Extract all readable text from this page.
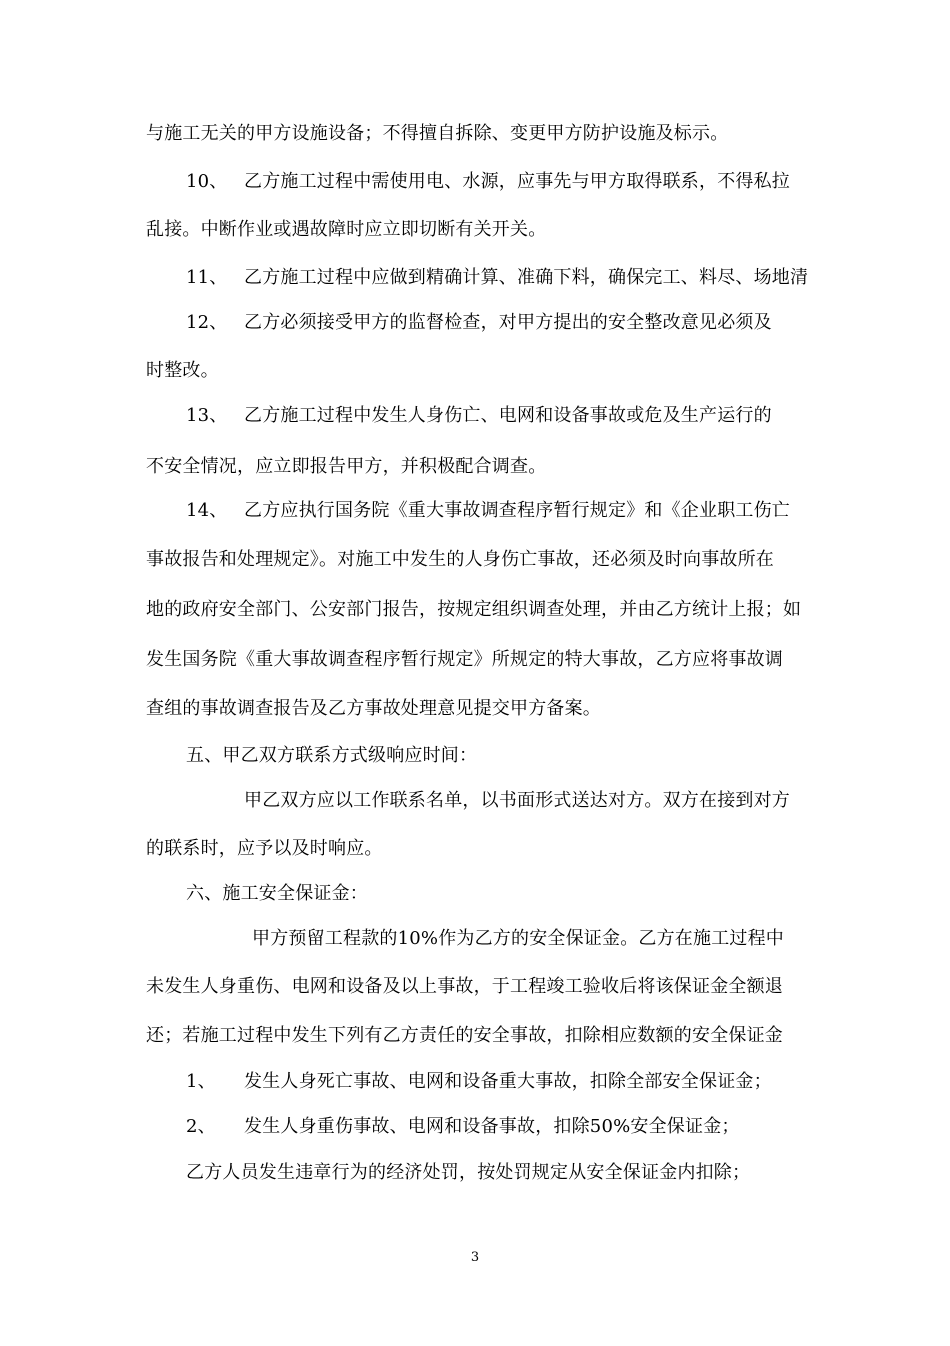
与施工无关的甲方设施设备；不得擅自拆除、变更甲方防护设施及标示。
10、 乙方施工过程中需使用电、水源，应事先与甲方取得联系，不得私拉
乱接。中断作业或遇故障时应立即切断有关开关。
11、 乙方施工过程中应做到精确计算、准确下料，确保完工、料尽、场地清
12、 乙方必须接受甲方的监督检查，对甲方提出的安全整改意见必须及
时整改。
13、 乙方施工过程中发生人身伤亡、电网和设备事故或危及生产运行的
不安全情况，应立即报告甲方，并积极配合调查。
14、 乙方应执行国务院《重大事故调查程序暂行规定》和《企业职工伤亡
事故报告和处理规定》。对施工中发生的人身伤亡事故，还必须及时向事故所在
地的政府安全部门、公安部门报告，按规定组织调查处理，并由乙方统计上报；如
发生国务院《重大事故调查程序暂行规定》所规定的特大事故，乙方应将事故调
查组的事故调查报告及乙方事故处理意见提交甲方备案。
五、甲乙双方联系方式级响应时间：
甲乙双方应以工作联系名单，以书面形式送达对方。双方在接到对方
的联系时，应予以及时响应。
六、施工安全保证金：
甲方预留工程款的10%作为乙方的安全保证金。乙方在施工过程中
未发生人身重伤、电网和设备及以上事故，于工程竣工验收后将该保证金全额退
还；若施工过程中发生下列有乙方责任的安全事故，扣除相应数额的安全保证金
1、 发生人身死亡事故、电网和设备重大事故，扣除全部安全保证金；
2、 发生人身重伤事故、电网和设备事故，扣除50%安全保证金；
乙方人员发生违章行为的经济处罚，按处罚规定从安全保证金内扣除；
3
